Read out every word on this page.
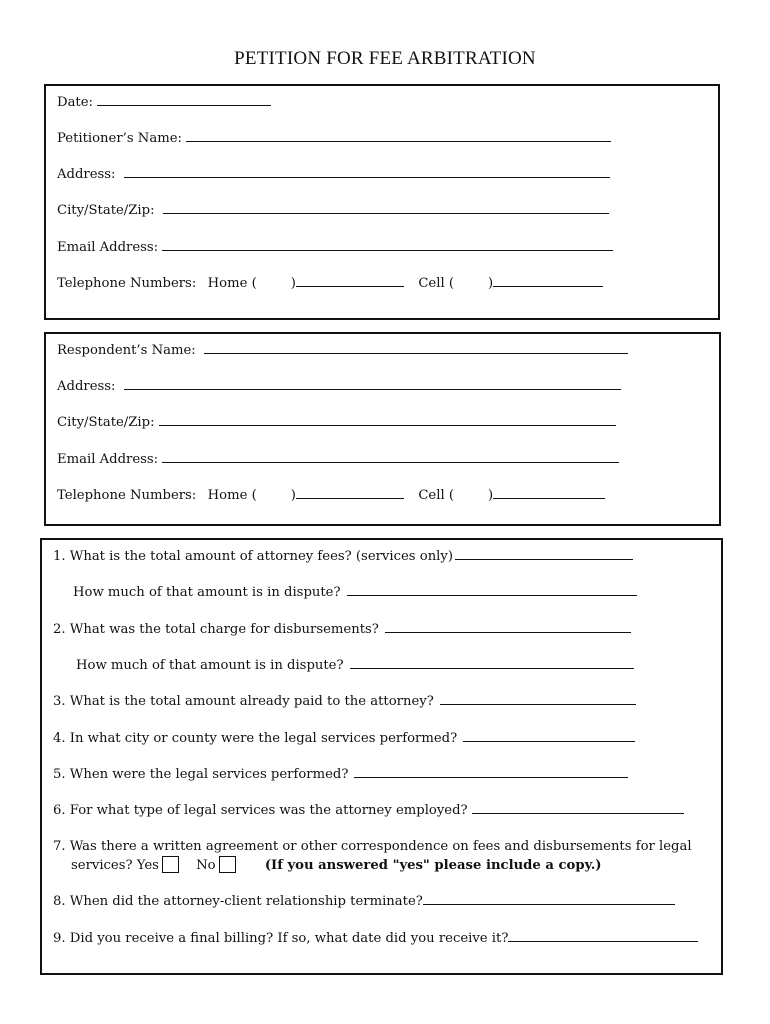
PETITION FOR FEE ARBITRATION
Date:
Petitioner’s Name:
Address:
City/State/Zip:
Email Address:
Telephone Numbers: Home (	)	Cell (	)
Respondent’s Name:
Address:
City/State/Zip:
Email Address:
Telephone Numbers: Home (	)	Cell (	)
1. What is the total amount of attorney fees? (services only)
How much of that amount is in dispute?
2. What was the total charge for disbursements?
How much of that amount is in dispute?
3. What is the total amount already paid to the attorney?
4. In what city or county were the legal services performed?
5. When were the legal services performed?
6. For what type of legal services was the attorney employed?
7. Was there a written agreement or other correspondence on fees and disbursements for legal
services? Yes	No	(If you answered "yes" please include a copy.)
8. When did the attorney-client relationship terminate?
9. Did you receive a final billing? If so, what date did you receive it?
